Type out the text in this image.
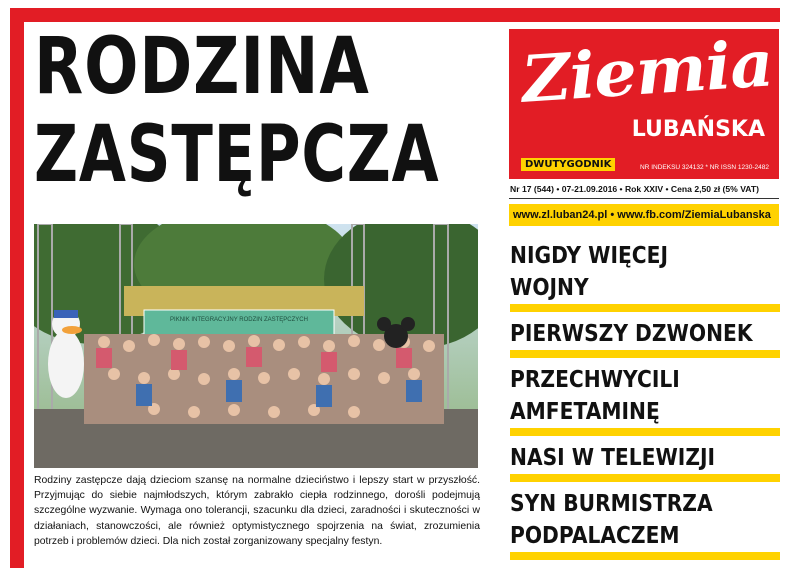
RODZINA
ZASTĘPCZA
PIKNIK INTEGRACYJNY RODZIN ZASTĘPCZYCH
Rodziny zastępcze dają dzieciom szansę na normalne dzieciństwo i lepszy start w przyszłość. Przyjmując do siebie najmłodszych, którym zabrakło ciepła rodzinnego, dorośli podejmują szczególne wyzwanie. Wymaga ono tolerancji, szacunku dla dzieci, zaradności i skuteczności w działaniach, stanowczości, ale również optymistycznego spojrzenia na świat, zrozumienia potrzeb i problemów dzieci. Dla nich został zorganizowany specjalny festyn.
Ziemia
LUBAŃSKA
DWUTYGODNIK	NR INDEKSU 324132 * NR ISSN 1230-2482
Nr 17 (544) • 07-21.09.2016 • Rok XXIV • Cena 2,50 zł (5% VAT)
www.zl.luban24.pl • www.fb.com/ZiemiaLubanska
NIGDY WIĘCEJ
WOJNY
PIERWSZY DZWONEK
PRZECHWYCILI
AMFETAMINĘ
NASI W TELEWIZJI
SYN BURMISTRZA
PODPALACZEM
